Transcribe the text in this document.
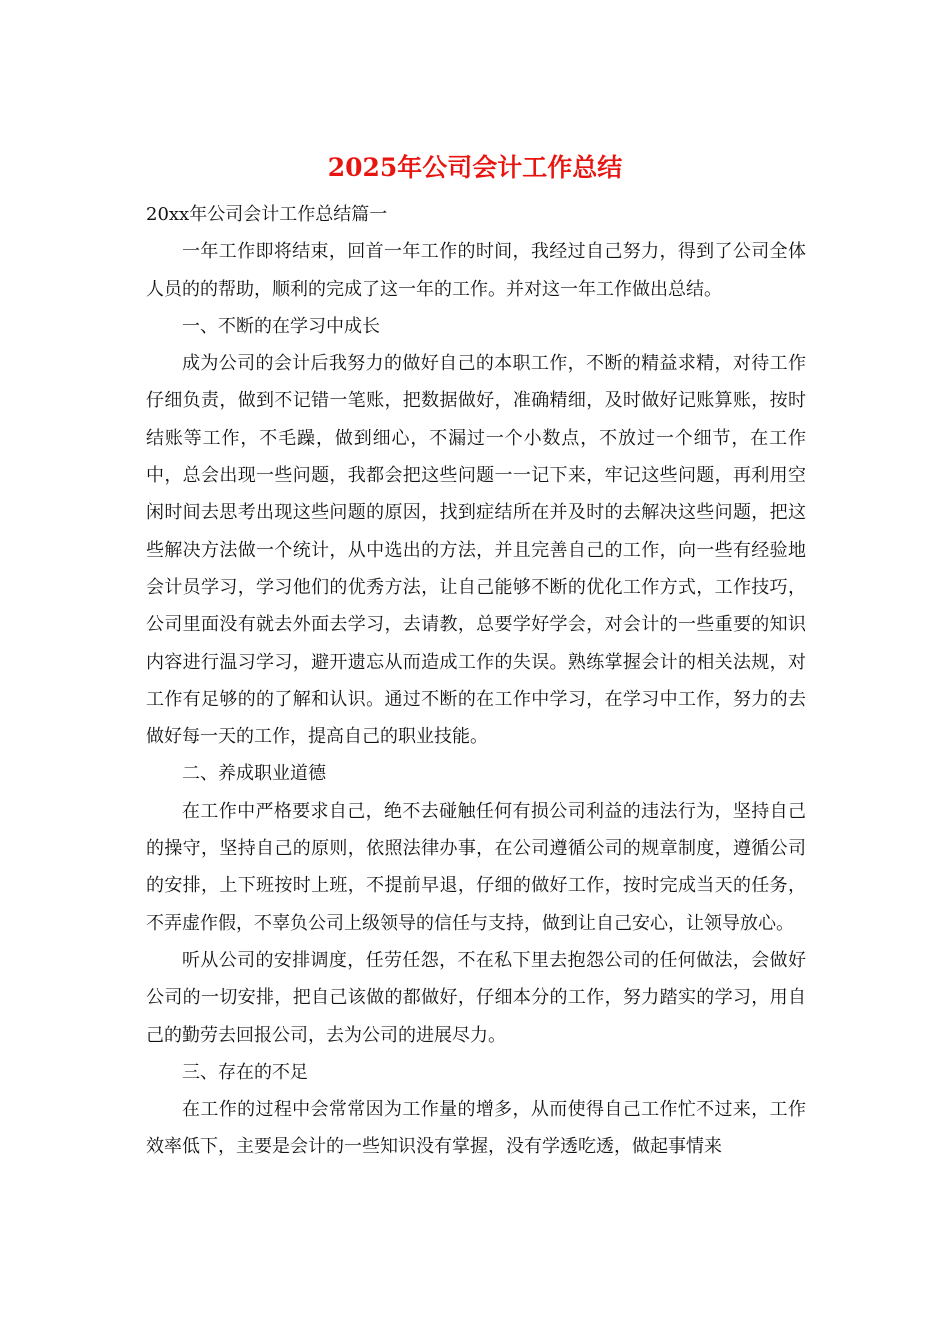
2025年公司会计工作总结

20xx年公司会计工作总结篇一

一年工作即将结束，回首一年工作的时间，我经过自己努力，得到了公司全体人员的的帮助，顺利的完成了这一年的工作。并对这一年工作做出总结。

一、不断的在学习中成长

成为公司的会计后我努力的做好自己的本职工作，不断的精益求精，对待工作仔细负责，做到不记错一笔账，把数据做好，准确精细，及时做好记账算账，按时结账等工作，不毛躁，做到细心，不漏过一个小数点，不放过一个细节，在工作中，总会出现一些问题，我都会把这些问题一一记下来，牢记这些问题，再利用空闲时间去思考出现这些问题的原因，找到症结所在并及时的去解决这些问题，把这些解决方法做一个统计，从中选出的方法，并且完善自己的工作，向一些有经验地会计员学习，学习他们的优秀方法，让自己能够不断的优化工作方式，工作技巧，公司里面没有就去外面去学习，去请教，总要学好学会，对会计的一些重要的知识内容进行温习学习，避开遗忘从而造成工作的失误。熟练掌握会计的相关法规，对工作有足够的的了解和认识。通过不断的在工作中学习，在学习中工作，努力的去做好每一天的工作，提高自己的职业技能。

二、养成职业道德

在工作中严格要求自己，绝不去碰触任何有损公司利益的违法行为，坚持自己的操守，坚持自己的原则，依照法律办事，在公司遵循公司的规章制度，遵循公司的安排，上下班按时上班，不提前早退，仔细的做好工作，按时完成当天的任务，不弄虚作假，不辜负公司上级领导的信任与支持，做到让自己安心，让领导放心。

听从公司的安排调度，任劳任怨，不在私下里去抱怨公司的任何做法，会做好公司的一切安排，把自己该做的都做好，仔细本分的工作，努力踏实的学习，用自己的勤劳去回报公司，去为公司的进展尽力。

三、存在的不足

在工作的过程中会常常因为工作量的增多，从而使得自己工作忙不过来，工作效率低下，主要是会计的一些知识没有掌握，没有学透吃透，做起事情来
